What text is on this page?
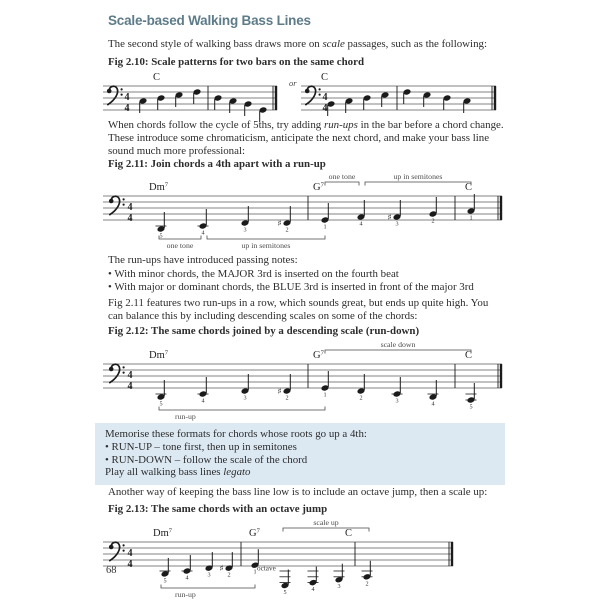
Scale-based Walking Bass Lines
The second style of walking bass draws more on scale passages, such as the following:
Fig 2.10: Scale patterns for two bars on the same chord
4
4
C	or
4
4
C
When chords follow the cycle of 5ths, try adding run-ups in the bar before a chord change. These introduce some chromaticism, anticipate the next chord, and make your bass line sound much more professional:
Fig 2.11: Join chords a 4th apart with a run-up
4
4
Dm$^7$	$G^7$	C
5	4	3
♯
2	1	4
♯
3	2	1
one tone	up in semitones
one tone	up in semitones
The run-ups have introduced passing notes:
• With minor chords, the MAJOR 3rd is inserted on the fourth beat
• With major or dominant chords, the BLUE 3rd is inserted in front of the major 3rd
Fig 2.11 features two run-ups in a row, which sounds great, but ends up quite high. You can balance this by including descending scales on some of the chords:
Fig 2.12: The same chords joined by a descending scale (run-down)
4
4
Dm$^7$	$G^7$	C
5	4	3
♯
2	1	2	3	4	5
scale down
run-up
Memorise these formats for chords whose roots go up a 4th:
• RUN-UP – tone first, then up in semitones
• RUN-DOWN – follow the scale of the chord
Play all walking bass lines legato
Another way of keeping the bass line low is to include an octave jump, then a scale up:
Fig 2.13: The same chords with an octave jump
4
4
Dm$^7$	$G^7$	C
5	4	3
♯
2	1
5	4	3	2
scale up
run-up
octave
68
